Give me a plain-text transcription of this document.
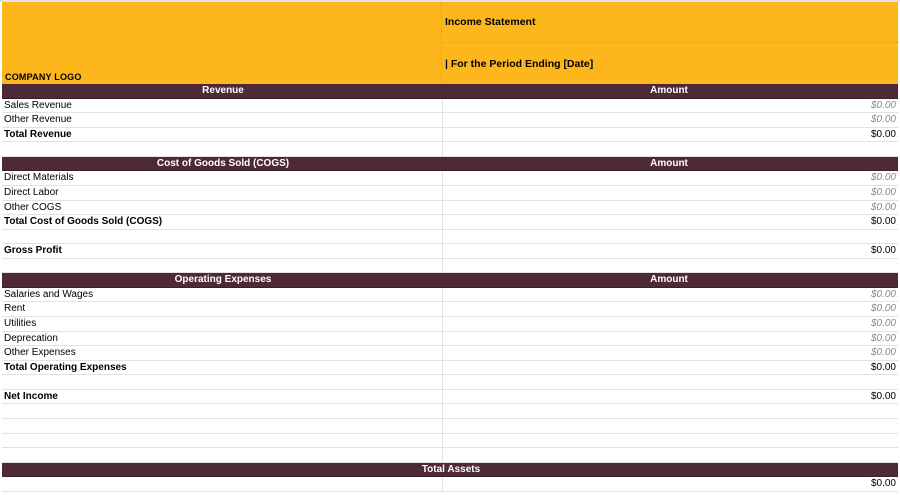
COMPANY LOGO
Income Statement
| For the Period Ending [Date]
Revenue	Amount
Sales Revenue	$0.00
Other Revenue	$0.00
Total Revenue	$0.00
Cost of Goods Sold (COGS)	Amount
Direct Materials	$0.00
Direct Labor	$0.00
Other COGS	$0.00
Total Cost of Goods Sold (COGS)	$0.00
Gross Profit	$0.00
Operating Expenses	Amount
Salaries and Wages	$0.00
Rent	$0.00
Utilities	$0.00
Deprecation	$0.00
Other Expenses	$0.00
Total Operating Expenses	$0.00
Net Income	$0.00
Total Assets
$0.00
